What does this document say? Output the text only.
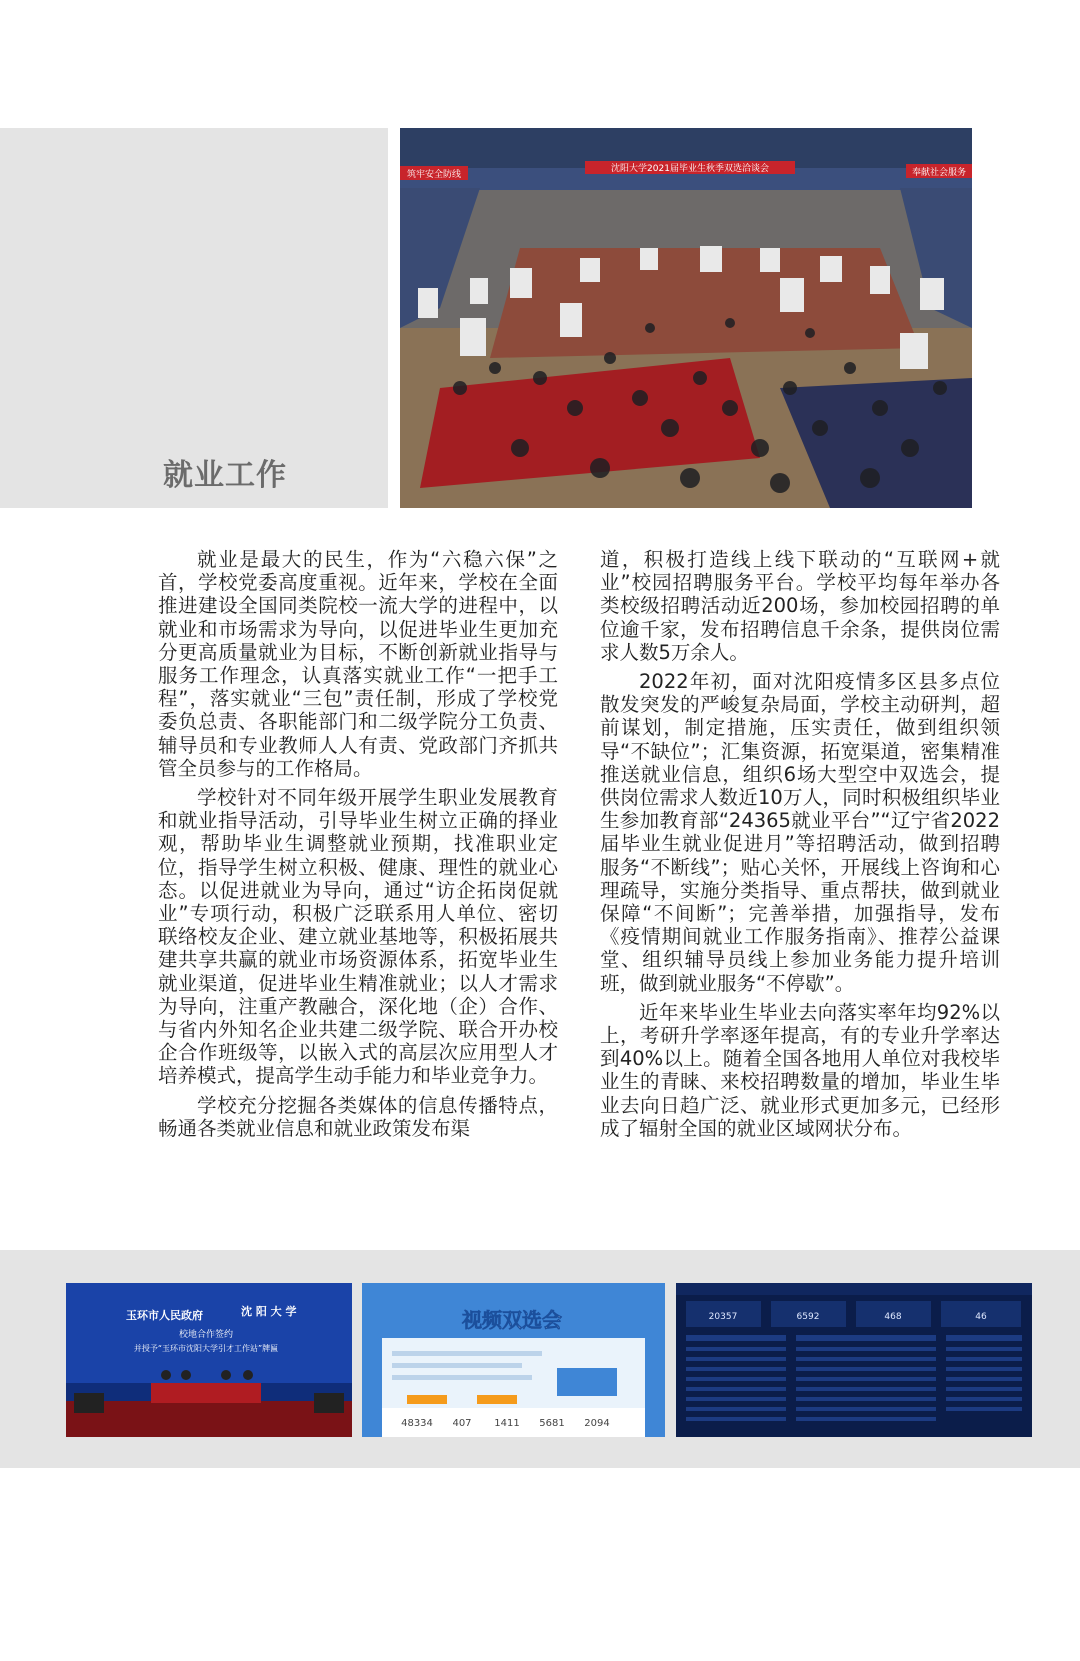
就业工作
沈阳大学2021届毕业生秋季双选洽谈会
筑牢安全防线	奉献社会服务

就业是最大的民生，作为“六稳六保”之首，学校党委高度重视。近年来，学校在全面推进建设全国同类院校一流大学的进程中，以就业和市场需求为导向，以促进毕业生更加充分更高质量就业为目标，不断创新就业指导与服务工作理念，认真落实就业工作“一把手工程”，落实就业“三包”责任制，形成了学校党委负总责、各职能部门和二级学院分工负责、辅导员和专业教师人人有责、党政部门齐抓共管全员参与的工作格局。

学校针对不同年级开展学生职业发展教育和就业指导活动，引导毕业生树立正确的择业观，帮助毕业生调整就业预期，找准职业定位，指导学生树立积极、健康、理性的就业心态。以促进就业为导向，通过“访企拓岗促就业”专项行动，积极广泛联系用人单位、密切联络校友企业、建立就业基地等，积极拓展共建共享共赢的就业市场资源体系，拓宽毕业生就业渠道，促进毕业生精准就业；以人才需求为导向，注重产教融合，深化地（企）合作、与省内外知名企业共建二级学院、联合开办校企合作班级等，以嵌入式的高层次应用型人才培养模式，提高学生动手能力和毕业竞争力。

学校充分挖掘各类媒体的信息传播特点，畅通各类就业信息和就业政策发布渠

道，积极打造线上线下联动的“互联网+就业”校园招聘服务平台。学校平均每年举办各类校级招聘活动近200场，参加校园招聘的单位逾千家，发布招聘信息千余条，提供岗位需求人数5万余人。

2022年初，面对沈阳疫情多区县多点位散发突发的严峻复杂局面，学校主动研判，超前谋划，制定措施，压实责任，做到组织领导“不缺位”；汇集资源，拓宽渠道，密集精准推送就业信息，组织6场大型空中双选会，提供岗位需求人数近10万人，同时积极组织毕业生参加教育部“24365就业平台”“辽宁省2022届毕业生就业促进月”等招聘活动，做到招聘服务“不断线”；贴心关怀，开展线上咨询和心理疏导，实施分类指导、重点帮扶，做到就业保障“不间断”；完善举措，加强指导，发布《疫情期间就业工作服务指南》、推荐公益课堂、组织辅导员线上参加业务能力提升培训班，做到就业服务“不停歇”。

近年来毕业生毕业去向落实率年均92%以上，考研升学率逐年提高，有的专业升学率达到40%以上。随着全国各地用人单位对我校毕业生的青睐、来校招聘数量的增加，毕业生毕业去向日趋广泛、就业形式更加多元，已经形成了辐射全国的就业区域网状分布。

玉环市人民政府	沈 阳 大 学
校地合作签约
并授予“玉环市沈阳大学引才工作站”牌匾
视频双选会
48334 407 1411 5681 2094
20357	6592	468	46
